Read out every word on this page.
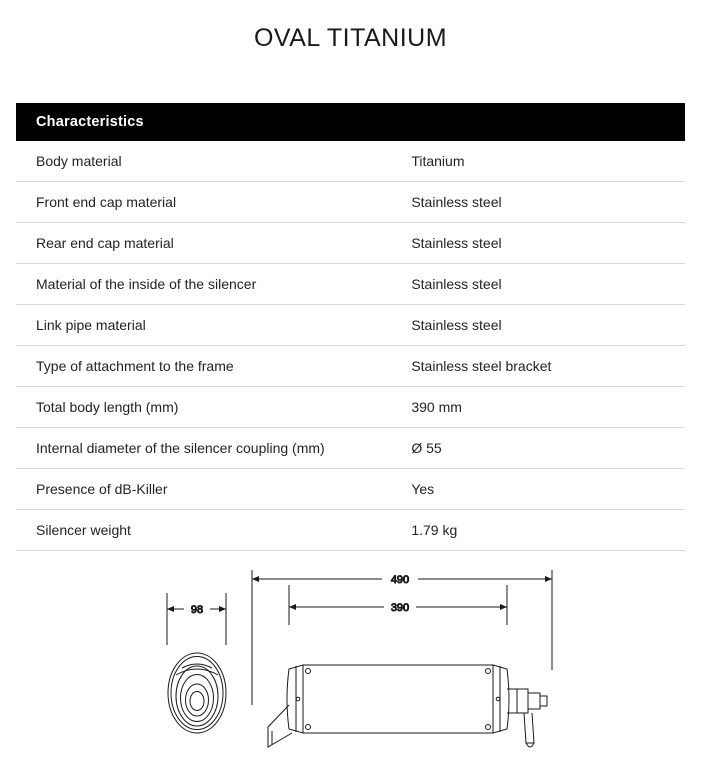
OVAL TITANIUM
Characteristics	
Body material	Titanium
Front end cap material	Stainless steel
Rear end cap material	Stainless steel
Material of the inside of the silencer	Stainless steel
Link pipe material	Stainless steel
Type of attachment to the frame	Stainless steel bracket
Total body length (mm)	390 mm
Internal diameter of the silencer coupling (mm)	Ø 55
Presence of dB-Killer	Yes
Silencer weight	1.79 kg
490
390
98
